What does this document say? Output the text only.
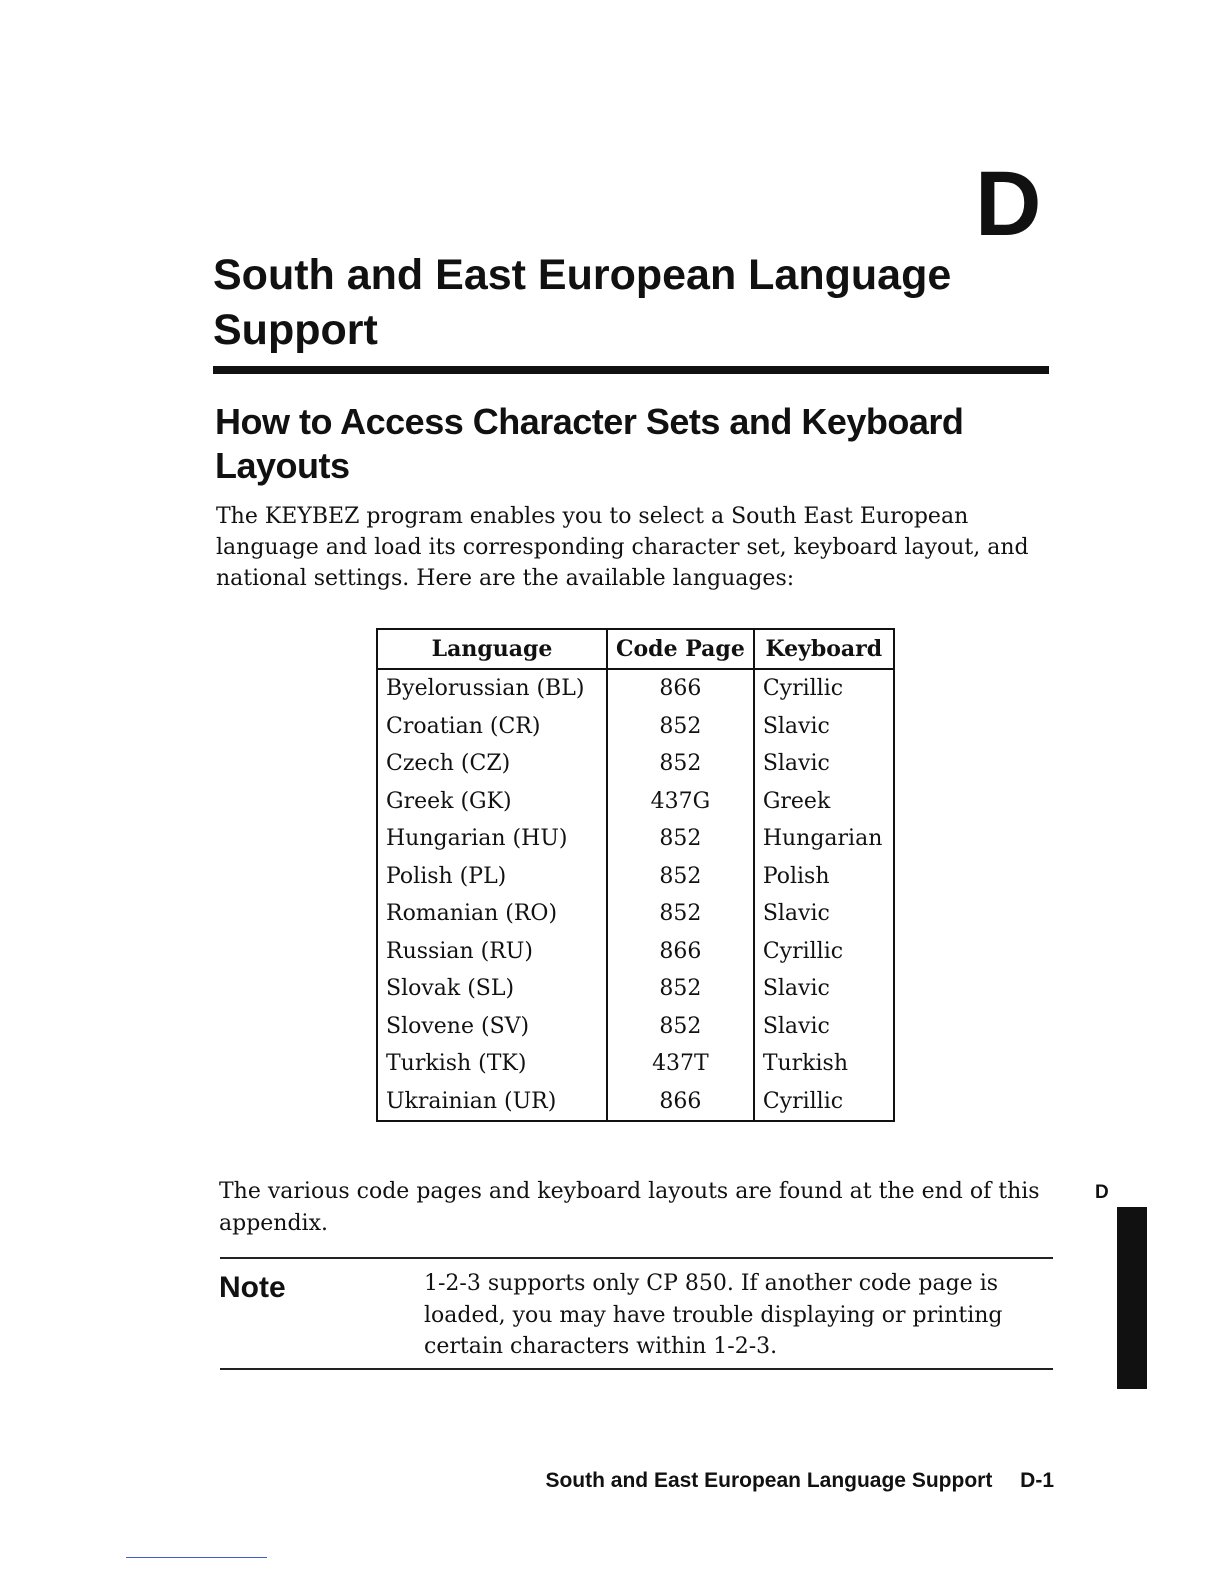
D
South and East European Language Support
How to Access Character Sets and Keyboard Layouts

The KEYBEZ program enables you to select a South East European language and load its corresponding character set, keyboard layout, and national settings. Here are the available languages:

Language	Code Page	Keyboard
Byelorussian (BL)	866	Cyrillic
Croatian (CR)	852	Slavic
Czech (CZ)	852	Slavic
Greek (GK)	437G	Greek
Hungarian (HU)	852	Hungarian
Polish (PL)	852	Polish
Romanian (RO)	852	Slavic
Russian (RU)	866	Cyrillic
Slovak (SL)	852	Slavic
Slovene (SV)	852	Slavic
Turkish (TK)	437T	Turkish
Ukrainian (UR)	866	Cyrillic

The various code pages and keyboard layouts are found at the end of this appendix.

D
Note	1-2-3 supports only CP 850. If another code page is loaded, you may have trouble displaying or printing certain characters within 1-2-3.

South and East European Language Support D-1
